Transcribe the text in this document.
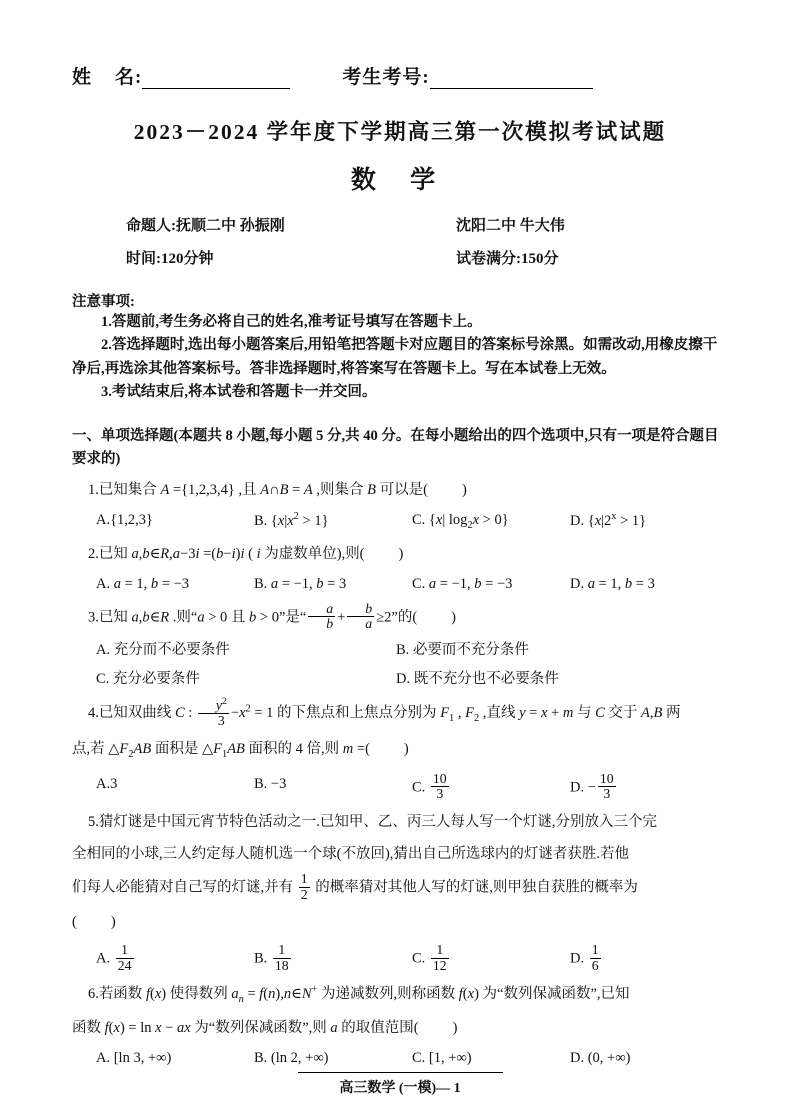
姓    名:	考生考号:
2023－2024 学年度下学期高三第一次模拟考试试题
数 学
命题人:抚顺二中 孙振刚	沈阳二中 牛大伟
时间:120分钟	试卷满分:150分
注意事项:
1.答题前,考生务必将自己的姓名,准考证号填写在答题卡上。
2.答选择题时,选出每小题答案后,用铅笔把答题卡对应题目的答案标号涂黑。如需改动,用橡皮擦干净后,再选涂其他答案标号。答非选择题时,将答案写在答题卡上。写在本试卷上无效。
3.考试结束后,将本试卷和答题卡一并交回。
一、单项选择题(本题共 8 小题,每小题 5 分,共 40 分。在每小题给出的四个选项中,只有一项是符合题目要求的)
1.已知集合 A ={1,2,3,4} ,且 A∩B = A ,则集合 B 可以是( )
A.{1,2,3}	B. $\{x|x^2 > 1\}$	C. {x| $\log_2x > 0$}	D. $\{x|2^x > 1\}$
2.已知 a,b∈R,a−3i =(b−i)i ( i 为虚数单位),则( )
A. a = 1, b = −3	B. a = −1, b = 3	C. a = −1, b = −3	D. a = 1, b = 3
3.已知 a,b∈R .则“a > 0 且 b > 0”是“ $\frac{a}{b} + \frac{b}{a} \ge 2$”的( )
A. 充分而不必要条件	B. 必要而不充分条件
C. 充分必要条件	D. 既不充分也不必要条件
4.已知双曲线 C : $\frac{y^2}{3} -x^2 = 1$ 的下焦点和上焦点分别为 $F_1$ , $F_2$ ,直线 y = x + m 与 C 交于 A,B 两
点,若 $\triangle F_2AB$ 面积是 $\triangle F_1AB$ 面积的 4 倍,则 m =( )
A.3	B. −3	C. $\frac{10}{3}$	D. − $\frac{10}{3}$
5.猜灯谜是中国元宵节特色活动之一.已知甲、乙、丙三人每人写一个灯谜,分别放入三个完
全相同的小球,三人约定每人随机选一个球(不放回),猜出自己所选球内的灯谜者获胜.若他
们每人必能猜对自己写的灯谜,并有 $\frac{1}{2}$ 的概率猜对其他人写的灯谜,则甲独自获胜的概率为
( )
A. $\frac{1}{24}$	B. $\frac{1}{18}$	C. $\frac{1}{12}$	D. $\frac{1}{6}$
6.若函数 f(x) 使得数列 $a_n$ = f(n),n∈N+ 为递减数列,则称函数 f(x) 为“数列保减函数”,已知
函数 f(x) = ln x − ax 为“数列保减函数”,则 a 的取值范围( )
A. [ln 3, +∞)	B. (ln 2, +∞)	C. [1, +∞)	D. (0, +∞)
高三数学 (一模)— 1
